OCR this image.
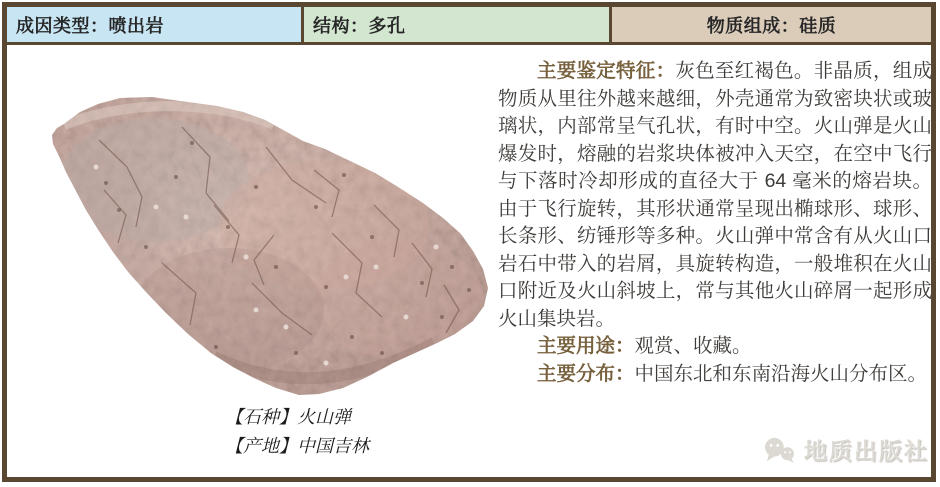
成因类型：喷出岩	结构：多孔	物质组成：硅质
【石种】火山弹
【产地】中国吉林

主要鉴定特征：灰色至红褐色。非晶质，组成物质从里往外越来越细，外壳通常为致密块状或玻璃状，内部常呈气孔状，有时中空。火山弹是火山爆发时，熔融的岩浆块体被冲入天空，在空中飞行与下落时冷却形成的直径大于 64 毫米的熔岩块。由于飞行旋转，其形状通常呈现出椭球形、球形、长条形、纺锤形等多种。火山弹中常含有从火山口岩石中带入的岩屑，具旋转构造，一般堆积在火山口附近及火山斜坡上，常与其他火山碎屑一起形成火山集块岩。

主要用途：观赏、收藏。

主要分布：中国东北和东南沿海火山分布区。

地质出版社
